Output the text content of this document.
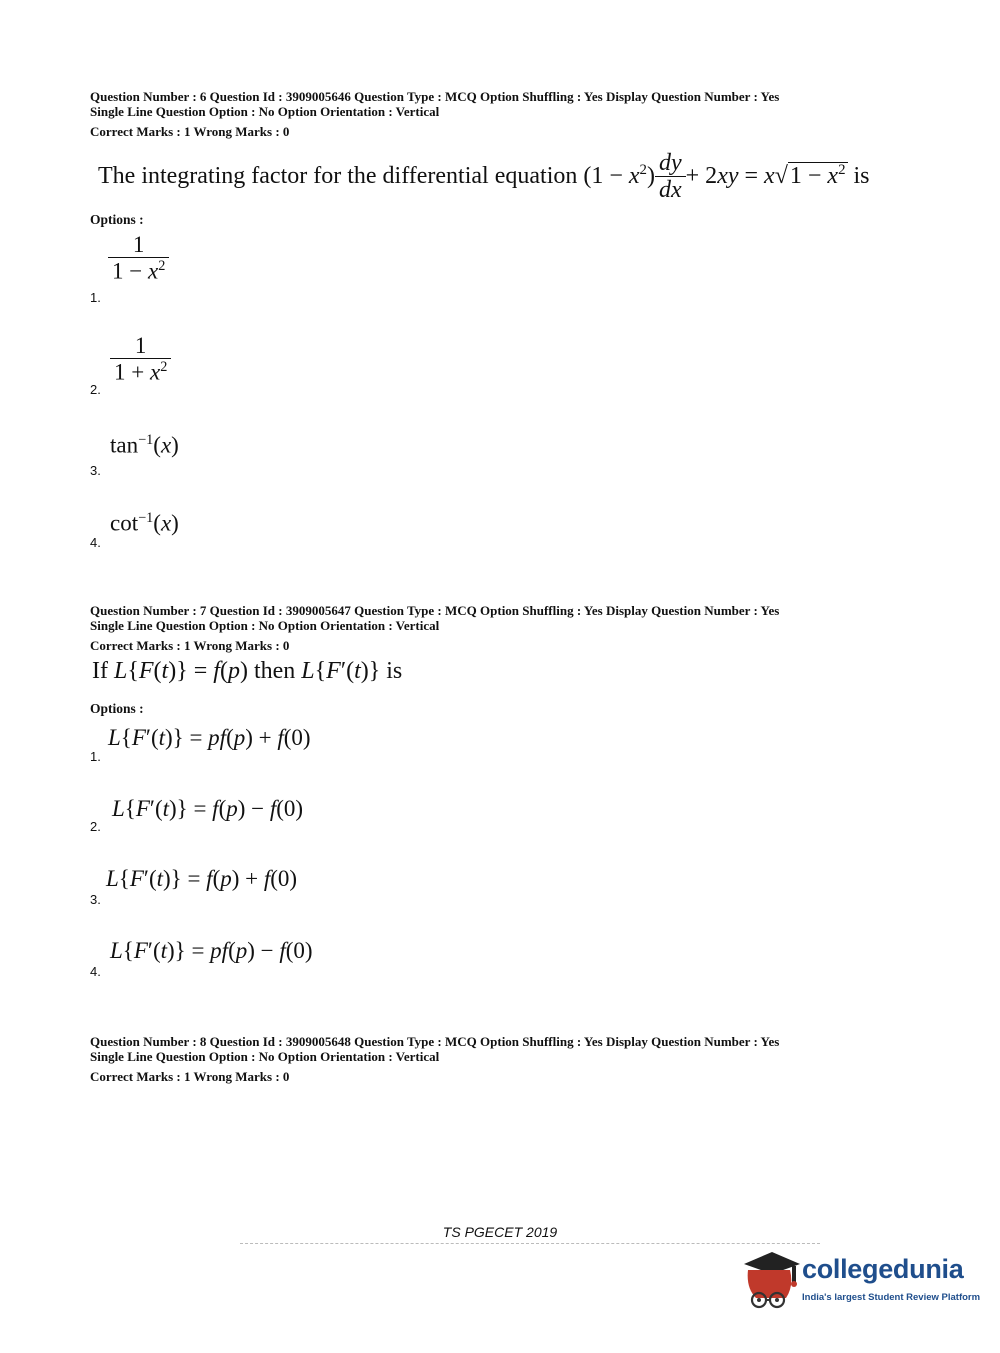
Question Number : 6 Question Id : 3909005646 Question Type : MCQ Option Shuffling : Yes Display Question Number : Yes
Single Line Question Option : No Option Orientation : Vertical
Correct Marks : 1 Wrong Marks : 0
The integrating factor for the differential equation $(1 - x^2) \frac{dy}{dx} + 2xy = x√1 - x^2$ is
Options :
$\frac{1}{1 - x^2}$
1.
$\frac{1}{1 + x^2}$
2.
$\tan^{-1}(x)$
3.
$\cot^{-1}(x)$
4.
Question Number : 7 Question Id : 3909005647 Question Type : MCQ Option Shuffling : Yes Display Question Number : Yes
Single Line Question Option : No Option Orientation : Vertical
Correct Marks : 1 Wrong Marks : 0
If L{F(t)} = f(p) then L{F′(t)} is
Options :
L{F′(t)} = pf(p) + f(0)
1.
L{F′(t)} = f(p) − f(0)
2.
L{F′(t)} = f(p) + f(0)
3.
L{F′(t)} = pf(p) − f(0)
4.
Question Number : 8 Question Id : 3909005648 Question Type : MCQ Option Shuffling : Yes Display Question Number : Yes
Single Line Question Option : No Option Orientation : Vertical
Correct Marks : 1 Wrong Marks : 0
TS PGECET 2019
collegedunia
India's largest Student Review Platform
